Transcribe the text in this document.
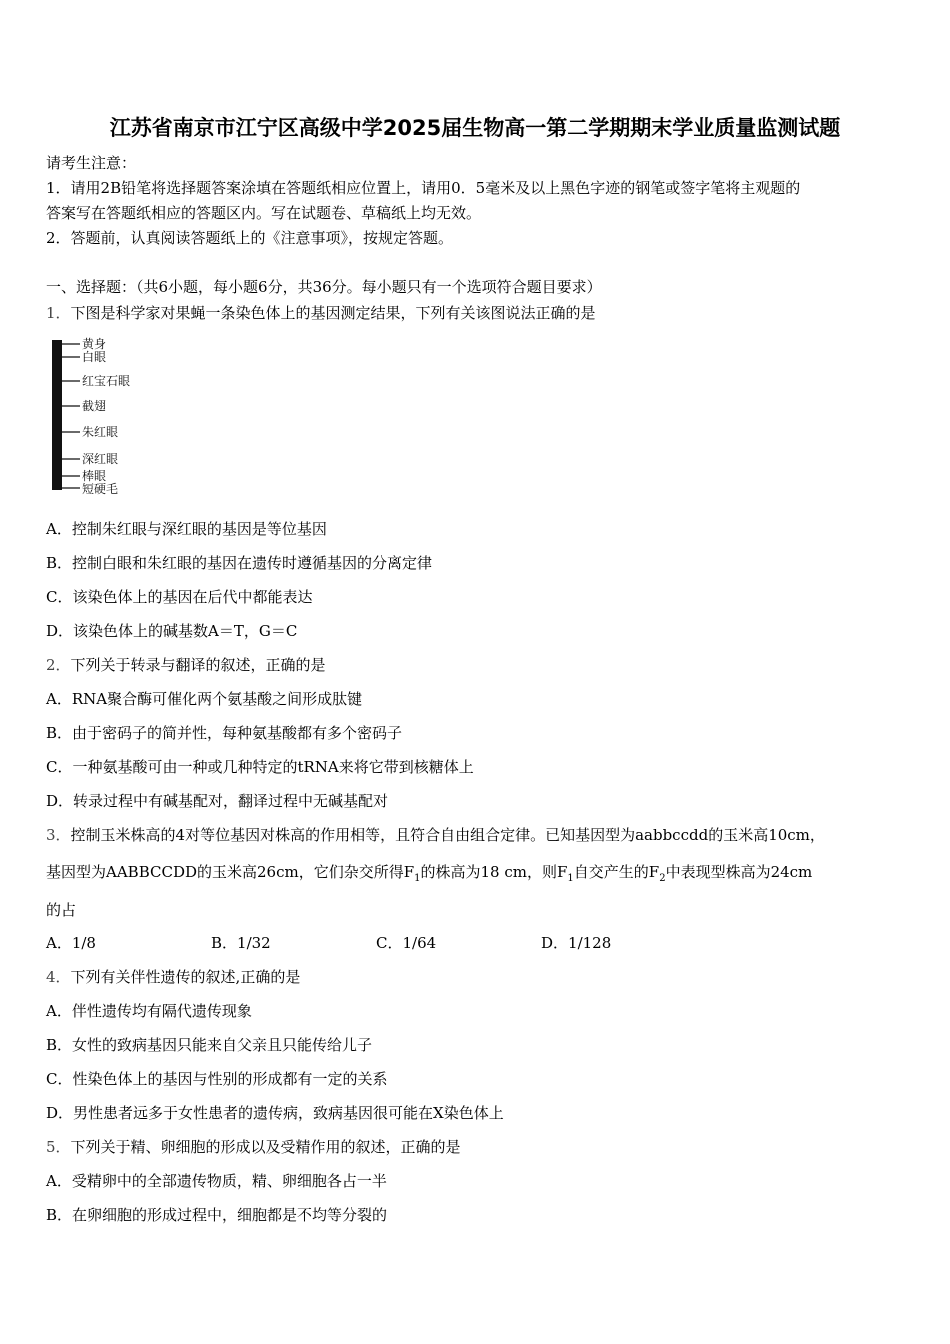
江苏省南京市江宁区高级中学2025届生物高一第二学期期末学业质量监测试题
请考生注意：
1．请用2B铅笔将选择题答案涂填在答题纸相应位置上，请用0．5毫米及以上黑色字迹的钢笔或签字笔将主观题的
答案写在答题纸相应的答题区内。写在试题卷、草稿纸上均无效。
2．答题前，认真阅读答题纸上的《注意事项》，按规定答题。
一、选择题：（共6小题，每小题6分，共36分。每小题只有一个选项符合题目要求）
1．下图是科学家对果蝇一条染色体上的基因测定结果，下列有关该图说法正确的是
黄身
白眼
红宝石眼
截翅
朱红眼
深红眼
棒眼
短硬毛
A．控制朱红眼与深红眼的基因是等位基因
B．控制白眼和朱红眼的基因在遗传时遵循基因的分离定律
C．该染色体上的基因在后代中都能表达
D．该染色体上的碱基数A＝T，G＝C
2．下列关于转录与翻译的叙述，正确的是
A．RNA聚合酶可催化两个氨基酸之间形成肽键
B．由于密码子的简并性，每种氨基酸都有多个密码子
C．一种氨基酸可由一种或几种特定的tRNA来将它带到核糖体上
D．转录过程中有碱基配对，翻译过程中无碱基配对
3．控制玉米株高的4对等位基因对株高的作用相等，且符合自由组合定律。已知基因型为aabbccdd的玉米高10cm，
基因型为AABBCCDD的玉米高26cm，它们杂交所得$F_1$的株高为18 cm，则$F_1$自交产生的$F_2$中表现型株高为24cm
的占
A．1/8	B．1/32	C．1/64	D．1/128
4．下列有关伴性遗传的叙述,正确的是
A．伴性遗传均有隔代遗传现象
B．女性的致病基因只能来自父亲且只能传给儿子
C．性染色体上的基因与性别的形成都有一定的关系
D．男性患者远多于女性患者的遗传病，致病基因很可能在X染色体上
5．下列关于精、卵细胞的形成以及受精作用的叙述，正确的是
A．受精卵中的全部遗传物质，精、卵细胞各占一半
B．在卵细胞的形成过程中，细胞都是不均等分裂的
